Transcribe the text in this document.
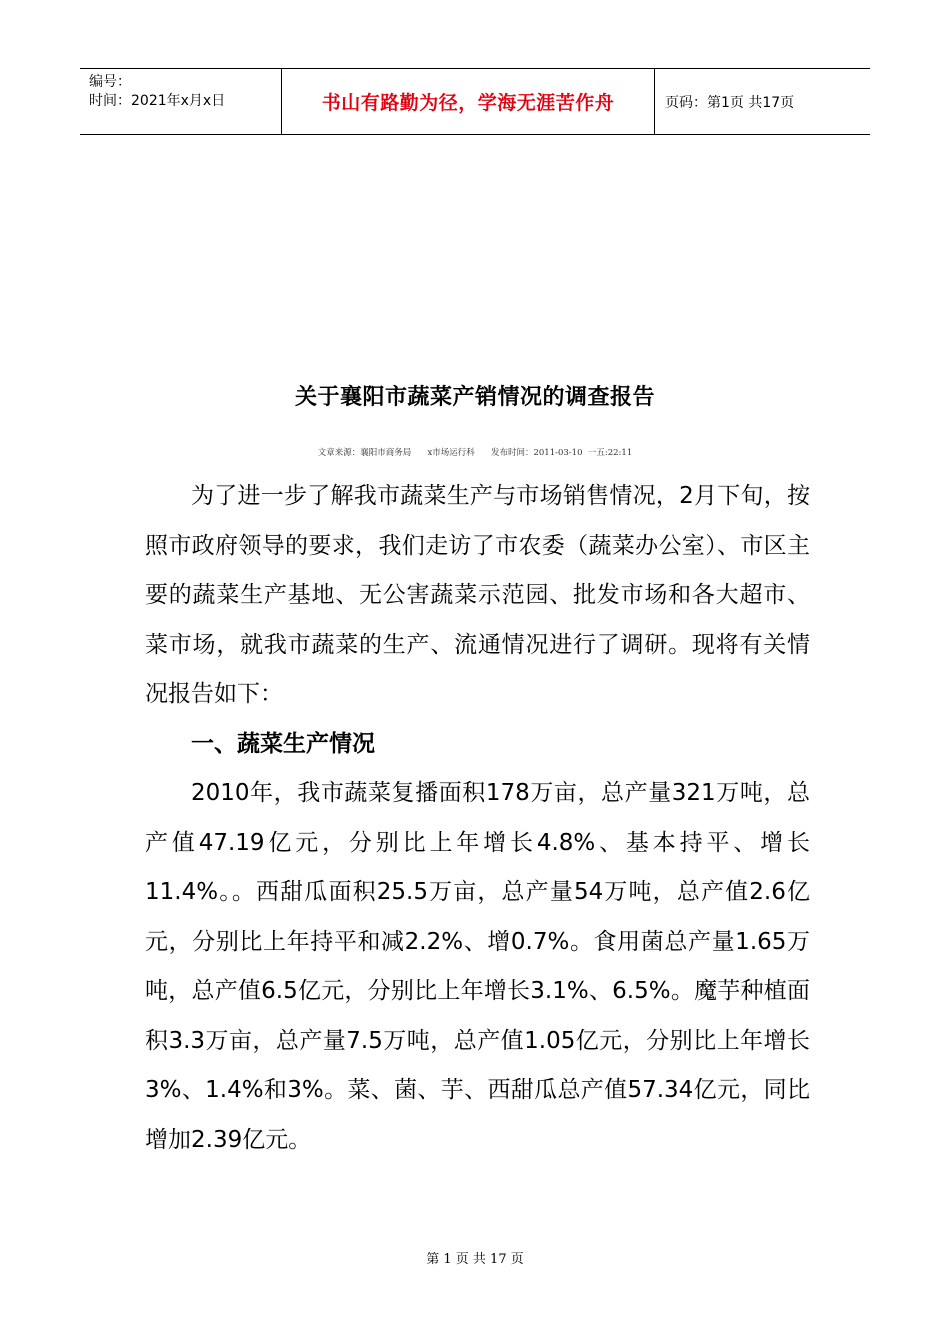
编号：
时间：2021年x月x日	书山有路勤为径，学海无涯苦作舟	页码：第1页 共17页
关于襄阳市蔬菜产销情况的调查报告
文章来源：襄阳市商务局      x市场运行科      发布时间：2011-03-10  一五:22:11

为了进一步了解我市蔬菜生产与市场销售情况，2月下旬，按照市政府领导的要求，我们走访了市农委（蔬菜办公室）、市区主要的蔬菜生产基地、无公害蔬菜示范园、批发市场和各大超市、菜市场，就我市蔬菜的生产、流通情况进行了调研。现将有关情况报告如下：

一、蔬菜生产情况

2010年，我市蔬菜复播面积178万亩，总产量321万吨，总产值47.19亿元，分别比上年增长4.8%、基本持平、增长11.4%。。西甜瓜面积25.5万亩，总产量54万吨，总产值2.6亿元，分别比上年持平和减2.2%、增0.7%。食用菌总产量1.65万吨，总产值6.5亿元，分别比上年增长3.1%、6.5%。魔芋种植面积3.3万亩，总产量7.5万吨，总产值1.05亿元，分别比上年增长3%、1.4%和3%。菜、菌、芋、西甜瓜总产值57.34亿元，同比增加2.39亿元。

第 1 页 共 17 页
